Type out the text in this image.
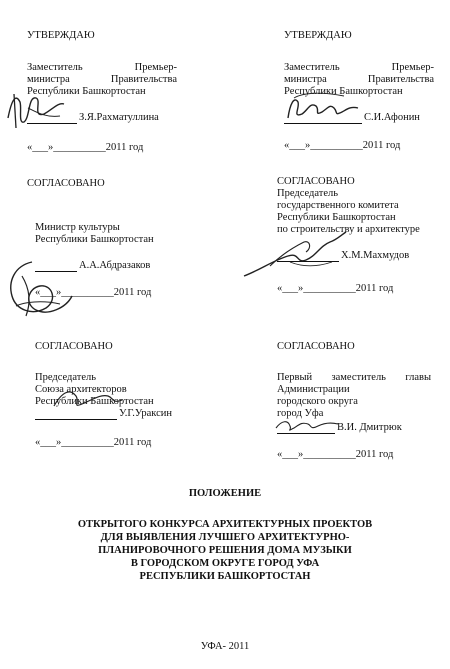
УТВЕРЖДАЮ
Заместитель	Премьер-
министра	Правительства
Республики Башкортостан
З.Я.Рахматуллина
«___»__________2011 год
УТВЕРЖДАЮ
Заместитель	Премьер-
министра	Правительства
Республики Башкортостан
С.И.Афонин
«___»__________2011 год
СОГЛАСОВАНО
Министр культуры
Республики Башкортостан
А.А.Абдразаков
«___»__________2011 год
СОГЛАСОВАНО
Председатель
государственного комитета
Республики Башкортостан
по строительству и архитектуре
Х.М.Махмудов
«___»__________2011 год
СОГЛАСОВАНО
Председатель
Союза архитекторов
Республики Башкортостан
У.Г.Ураксин
«___»__________2011 год
СОГЛАСОВАНО
Первый заместитель главы
Администрации
городского округа
город Уфа
В.И. Дмитрюк
«___»__________2011 год
ПОЛОЖЕНИЕ
ОТКРЫТОГО КОНКУРСА АРХИТЕКТУРНЫХ ПРОЕКТОВ
ДЛЯ ВЫЯВЛЕНИЯ ЛУЧШЕГО АРХИТЕКТУРНО-
ПЛАНИРОВОЧНОГО РЕШЕНИЯ ДОМА МУЗЫКИ
В ГОРОДСКОМ ОКРУГЕ ГОРОД УФА
РЕСПУБЛИКИ БАШКОРТОСТАН
УФА- 2011
